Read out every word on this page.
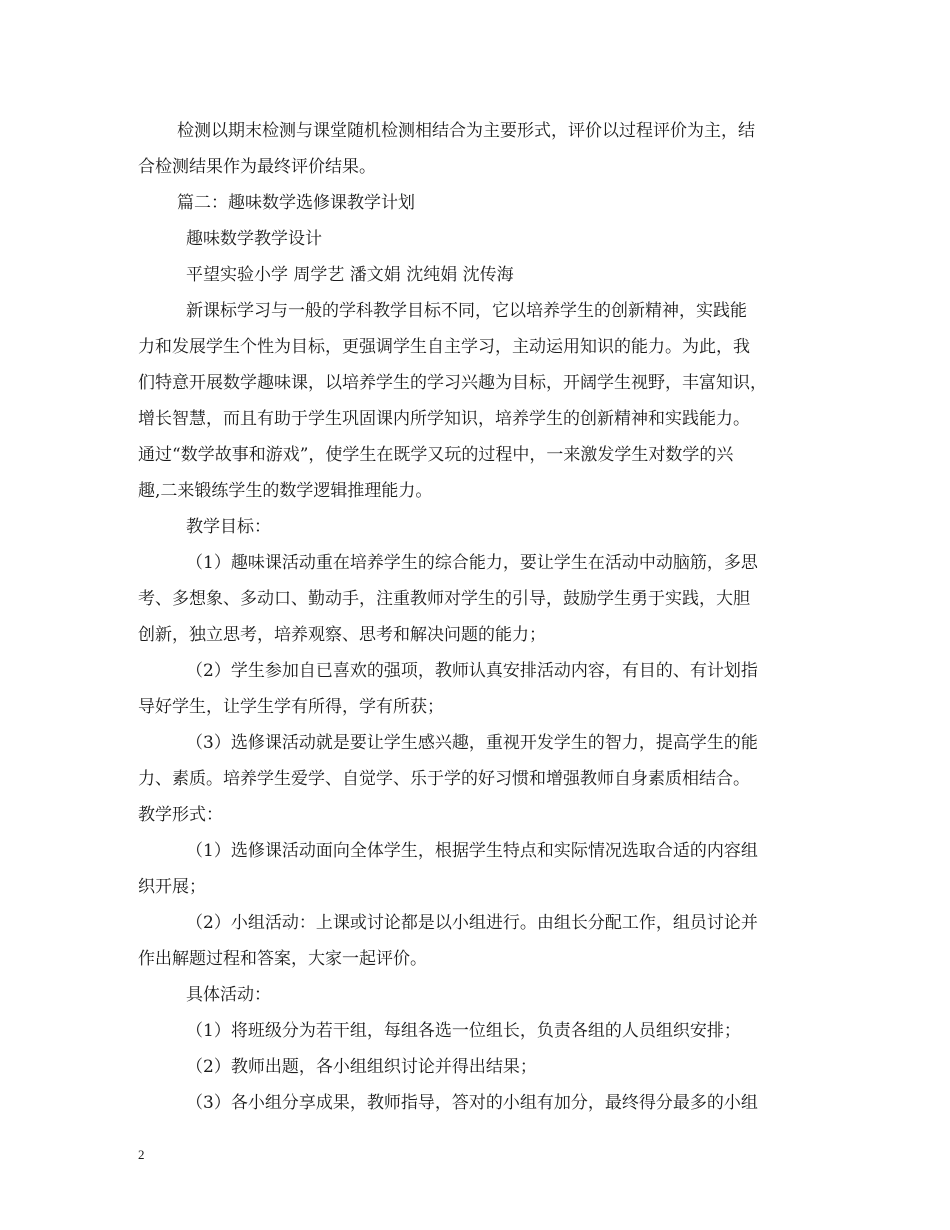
检测以期末检测与课堂随机检测相结合为主要形式，评价以过程评价为主，结
合检测结果作为最终评价结果。
篇二：趣味数学选修课教学计划
趣味数学教学设计
平望实验小学 周学艺 潘文娟 沈纯娟 沈传海
新课标学习与一般的学科教学目标不同，它以培养学生的创新精神，实践能
力和发展学生个性为目标，更强调学生自主学习，主动运用知识的能力。为此，我
们特意开展数学趣味课，以培养学生的学习兴趣为目标，开阔学生视野，丰富知识，
增长智慧，而且有助于学生巩固课内所学知识，培养学生的创新精神和实践能力。
通过“数学故事和游戏”，使学生在既学又玩的过程中，一来激发学生对数学的兴
趣,二来锻练学生的数学逻辑推理能力。
教学目标：
（1）趣味课活动重在培养学生的综合能力，要让学生在活动中动脑筋，多思
考、多想象、多动口、勤动手，注重教师对学生的引导，鼓励学生勇于实践，大胆
创新，独立思考，培养观察、思考和解决问题的能力；
（2）学生参加自已喜欢的强项，教师认真安排活动内容，有目的、有计划指
导好学生，让学生学有所得，学有所获；
（3）选修课活动就是要让学生感兴趣，重视开发学生的智力，提高学生的能
力、素质。培养学生爱学、自觉学、乐于学的好习惯和增强教师自身素质相结合。
教学形式：
（1）选修课活动面向全体学生，根据学生特点和实际情况选取合适的内容组
织开展；
（2）小组活动：上课或讨论都是以小组进行。由组长分配工作，组员讨论并
作出解题过程和答案，大家一起评价。
具体活动：
（1）将班级分为若干组，每组各选一位组长，负责各组的人员组织安排；
（2）教师出题，各小组组织讨论并得出结果；
（3）各小组分享成果，教师指导，答对的小组有加分，最终得分最多的小组
2
